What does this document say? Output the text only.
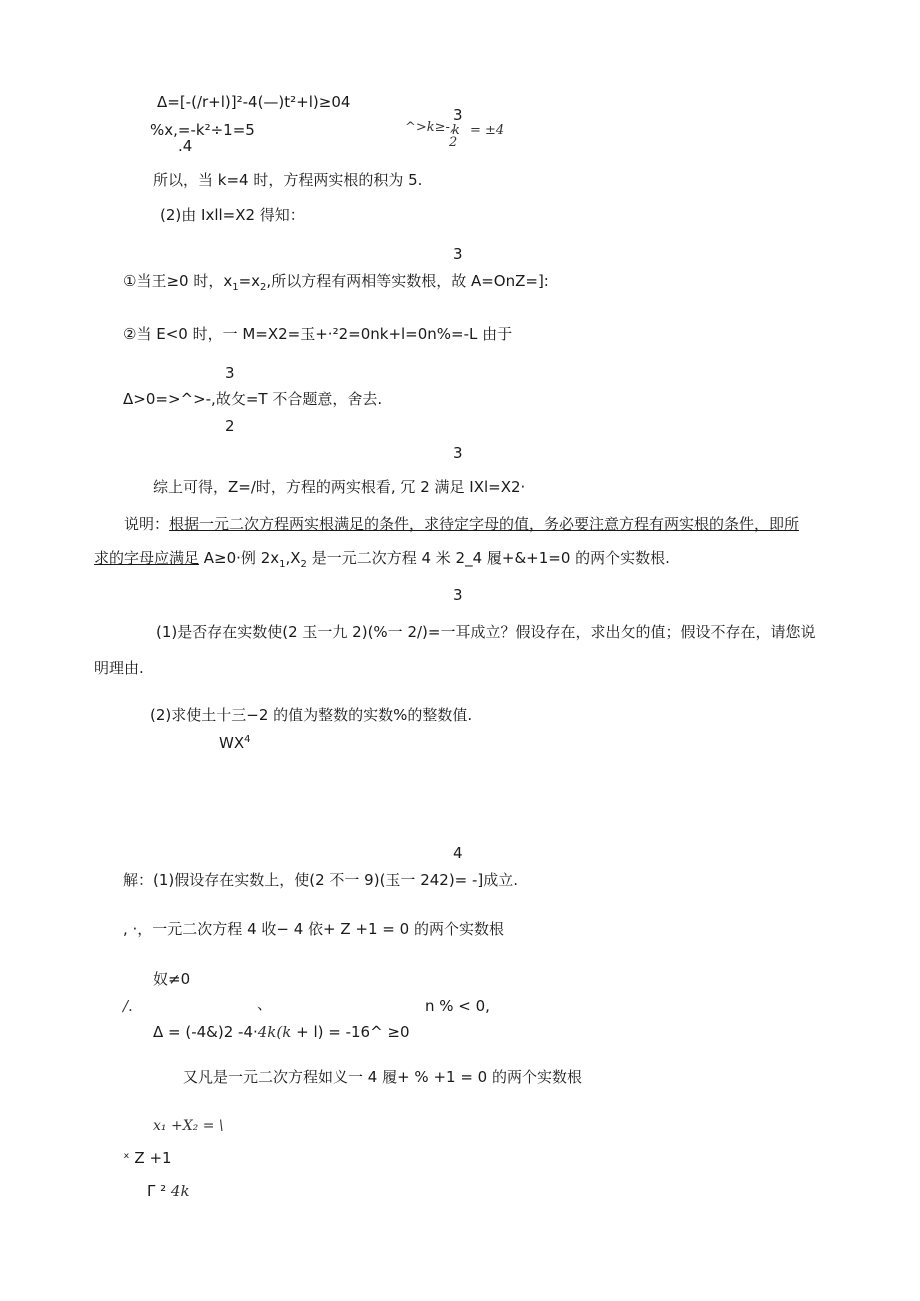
Δ=[-(/r+l)]²-4(—)t²+l)≥04
3
%x,=-k²÷1=5	^>k≥-,
k = ±4
.4	2
所以，当 k=4 时，方程两实根的积为 5.
(2)由 Ixll=X2 得知：
3
①当王≥0 时，$x_1=x_2$,所以方程有两相等实数根，故 A=OnZ=]:
②当 E<0 时，一 M=X2=玉+·²2=0nk+l=0n%=-L 由于
3
Δ>0=>^>-,故攵=T 不合题意，舍去.
2
3
综上可得，Z=/时，方程的两实根看, 冗 2 满足 IXl=X2·
说明：根据一元二次方程两实根满足的条件，求待定字母的值，务必要注意方程有两实根的条件，即所
求的字母应满足 A≥0·例 $2x_1,X_2$ 是一元二次方程 4 米 2_4 履+&+1=0 的两个实数根.
3
(1)是否存在实数使(2 玉一九 2)(%一 2/)=一耳成立？假设存在，求出攵的值；假设不存在，请您说
明理由.
(2)求使土十三−2 的值为整数的实数%的整数值.
$WX^4$
4
解：(1)假设存在实数上，使(2 不一 9)(玉一 242)= -]成立.
, ·，一元二次方程 4 收− 4 依+ Z +1 = 0 的两个实数根
奴≠0
/.	、	n % < 0,
Δ = (-4&)2 -4·4k(k + l) = -16^ ≥0
又凡是一元二次方程如义一 4 履+ % +1 = 0 的两个实数根
x₁ +X₂ = \
ˣ Z +1
Γ ² 4k
